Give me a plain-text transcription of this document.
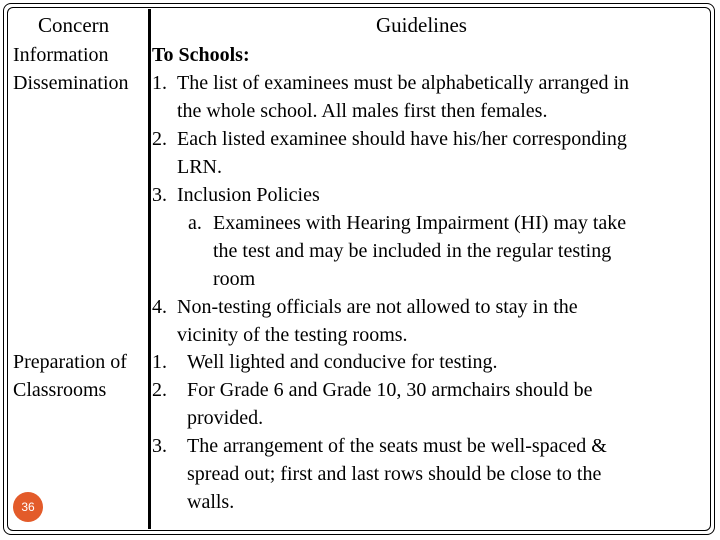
Concern	Guidelines
Information
Dissemination
To Schools:
1. The list of examinees must be alphabetically arranged in
the whole school. All males first then females.
2. Each listed examinee should have his/her corresponding
LRN.
3. Inclusion Policies
a. Examinees with Hearing Impairment (HI) may take
the test and may be included in the regular testing
room
4. Non-testing officials are not allowed to stay in the
vicinity of the testing rooms.
Preparation of
Classrooms
1. Well lighted and conducive for testing.
2. For Grade 6 and Grade 10, 30 armchairs should be
provided.
3. The arrangement of the seats must be well-spaced &
spread out; first and last rows should be close to the
walls.
36
